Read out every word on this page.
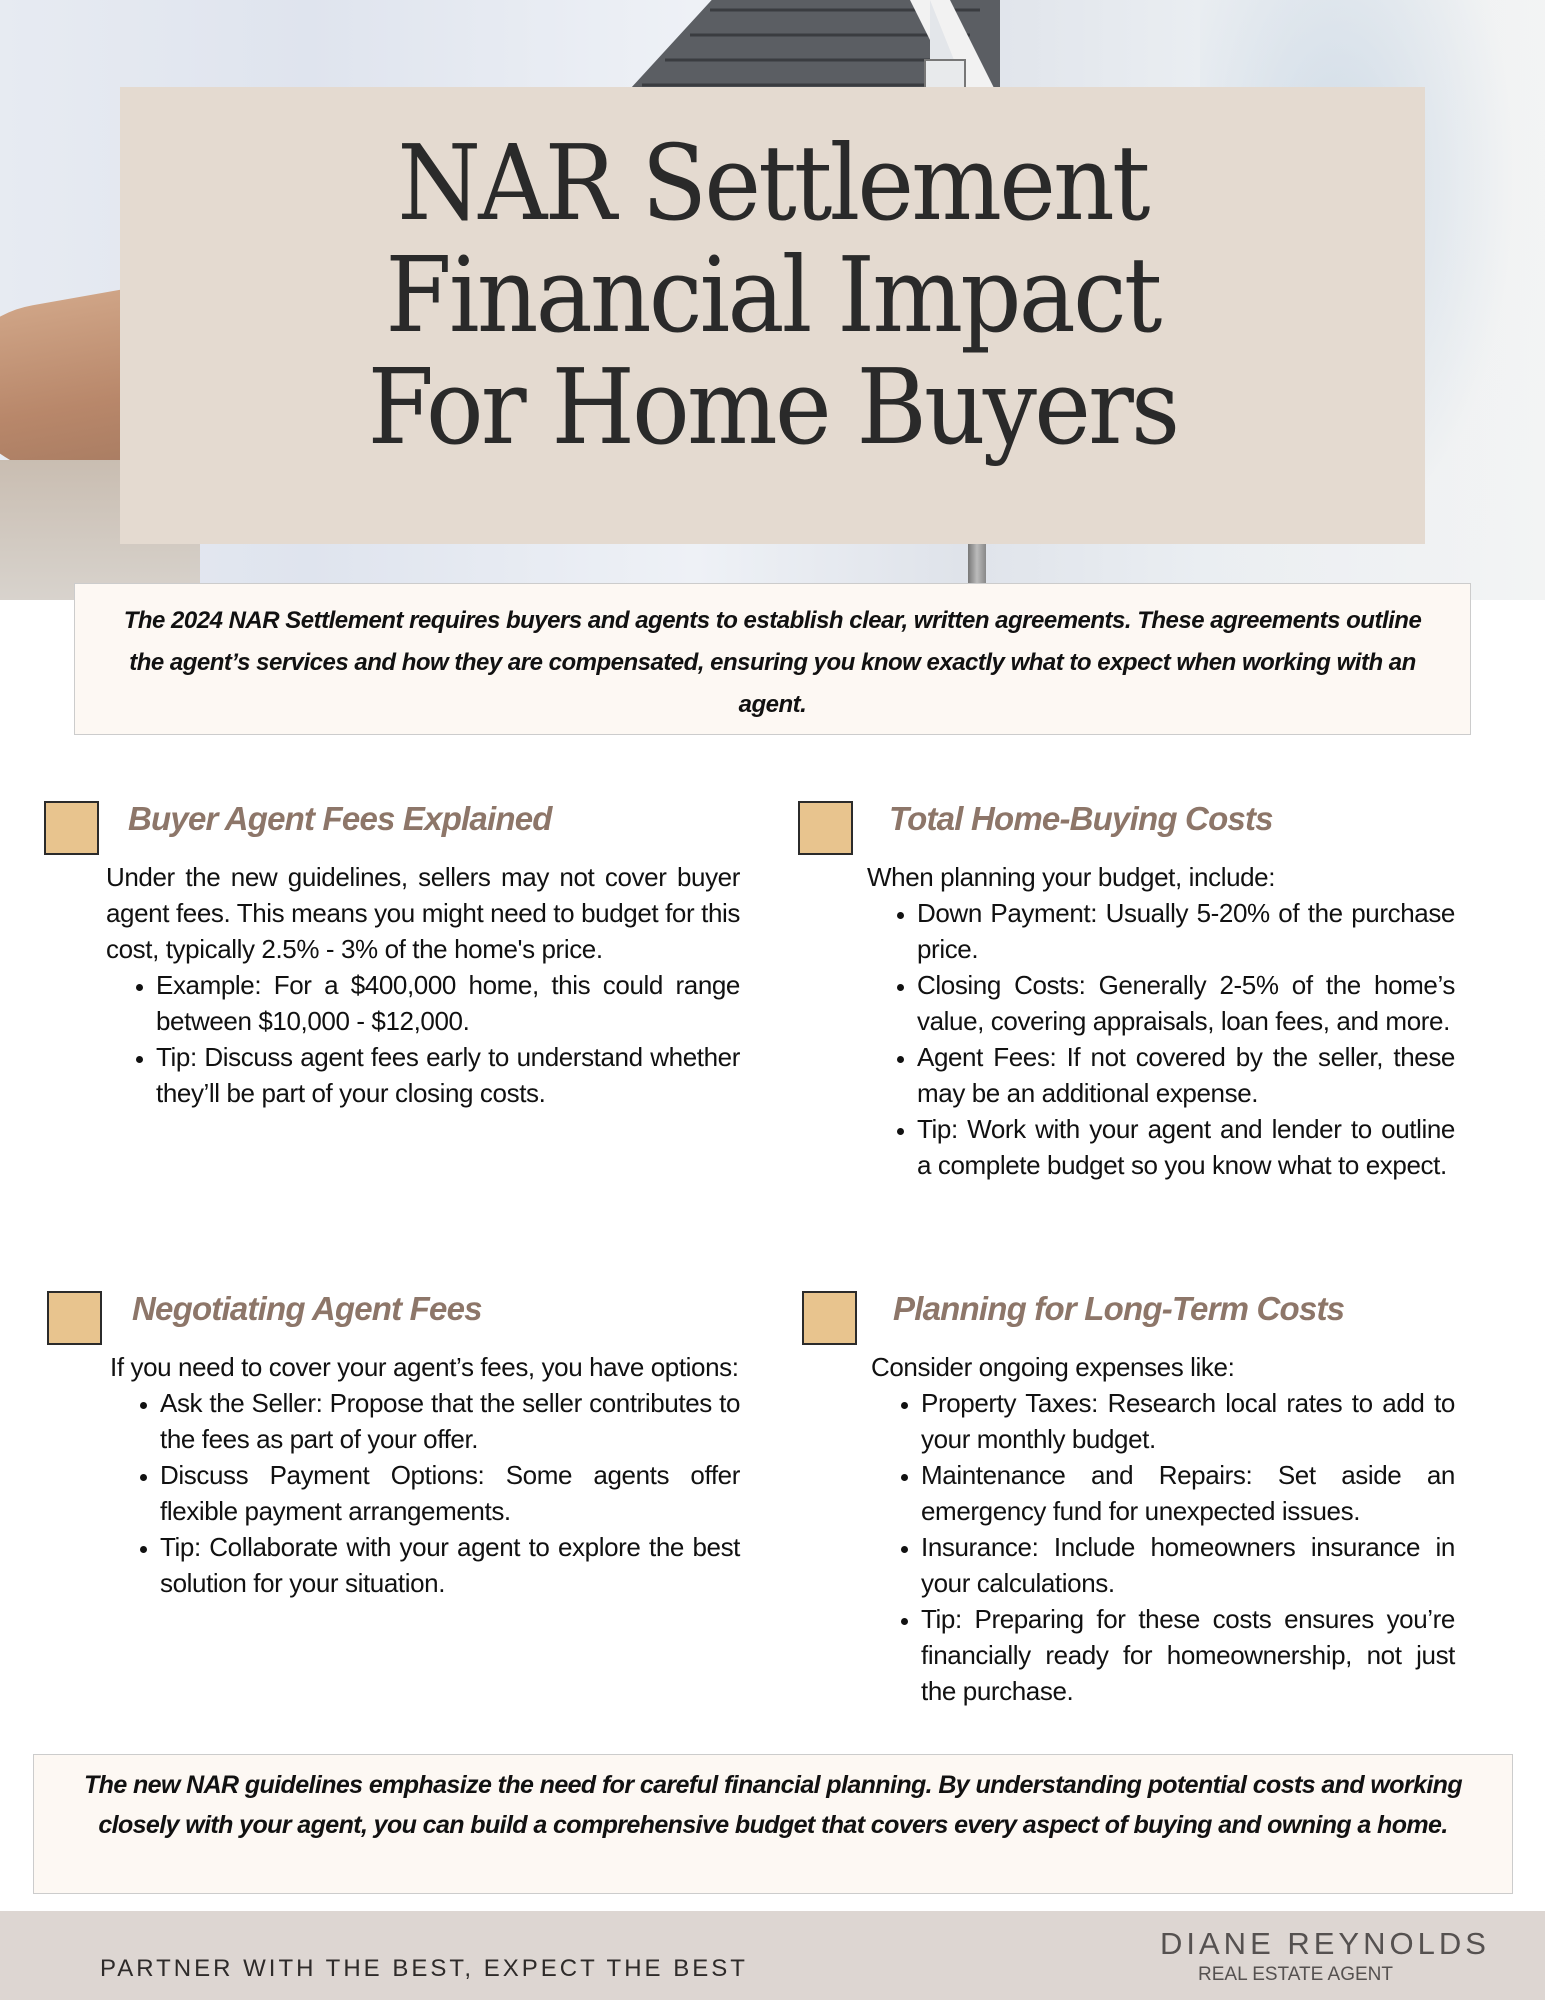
NAR Settlement
Financial Impact
For Home Buyers
The 2024 NAR Settlement requires buyers and agents to establish clear, written agreements. These agreements outline the agent’s services and how they are compensated, ensuring you know exactly what to expect when working with an agent.
Buyer Agent Fees Explained

Under the new guidelines, sellers may not cover buyer agent fees. This means you might need to budget for this cost, typically 2.5% - 3% of the home's price.

• Example: For a $400,000 home, this could range between $10,000 - $12,000.
• Tip: Discuss agent fees early to understand whether they’ll be part of your closing costs.
Total Home-Buying Costs

When planning your budget, include:

• Down Payment: Usually 5-20% of the purchase price.
• Closing Costs: Generally 2-5% of the home’s value, covering appraisals, loan fees, and more.
• Agent Fees: If not covered by the seller, these may be an additional expense.
• Tip: Work with your agent and lender to outline a complete budget so you know what to expect.
Negotiating Agent Fees

If you need to cover your agent’s fees, you have options:

• Ask the Seller: Propose that the seller contributes to the fees as part of your offer.
• Discuss Payment Options: Some agents offer flexible payment arrangements.
• Tip: Collaborate with your agent to explore the best solution for your situation.
Planning for Long-Term Costs

Consider ongoing expenses like:

• Property Taxes: Research local rates to add to your monthly budget.
• Maintenance and Repairs: Set aside an emergency fund for unexpected issues.
• Insurance: Include homeowners insurance in your calculations.
• Tip: Preparing for these costs ensures you’re financially ready for homeownership, not just the purchase.
The new NAR guidelines emphasize the need for careful financial planning. By understanding potential costs and working closely with your agent, you can build a comprehensive budget that covers every aspect of buying and owning a home.
PARTNER WITH THE BEST, EXPECT THE BEST
DIANE REYNOLDS
REAL ESTATE AGENT
